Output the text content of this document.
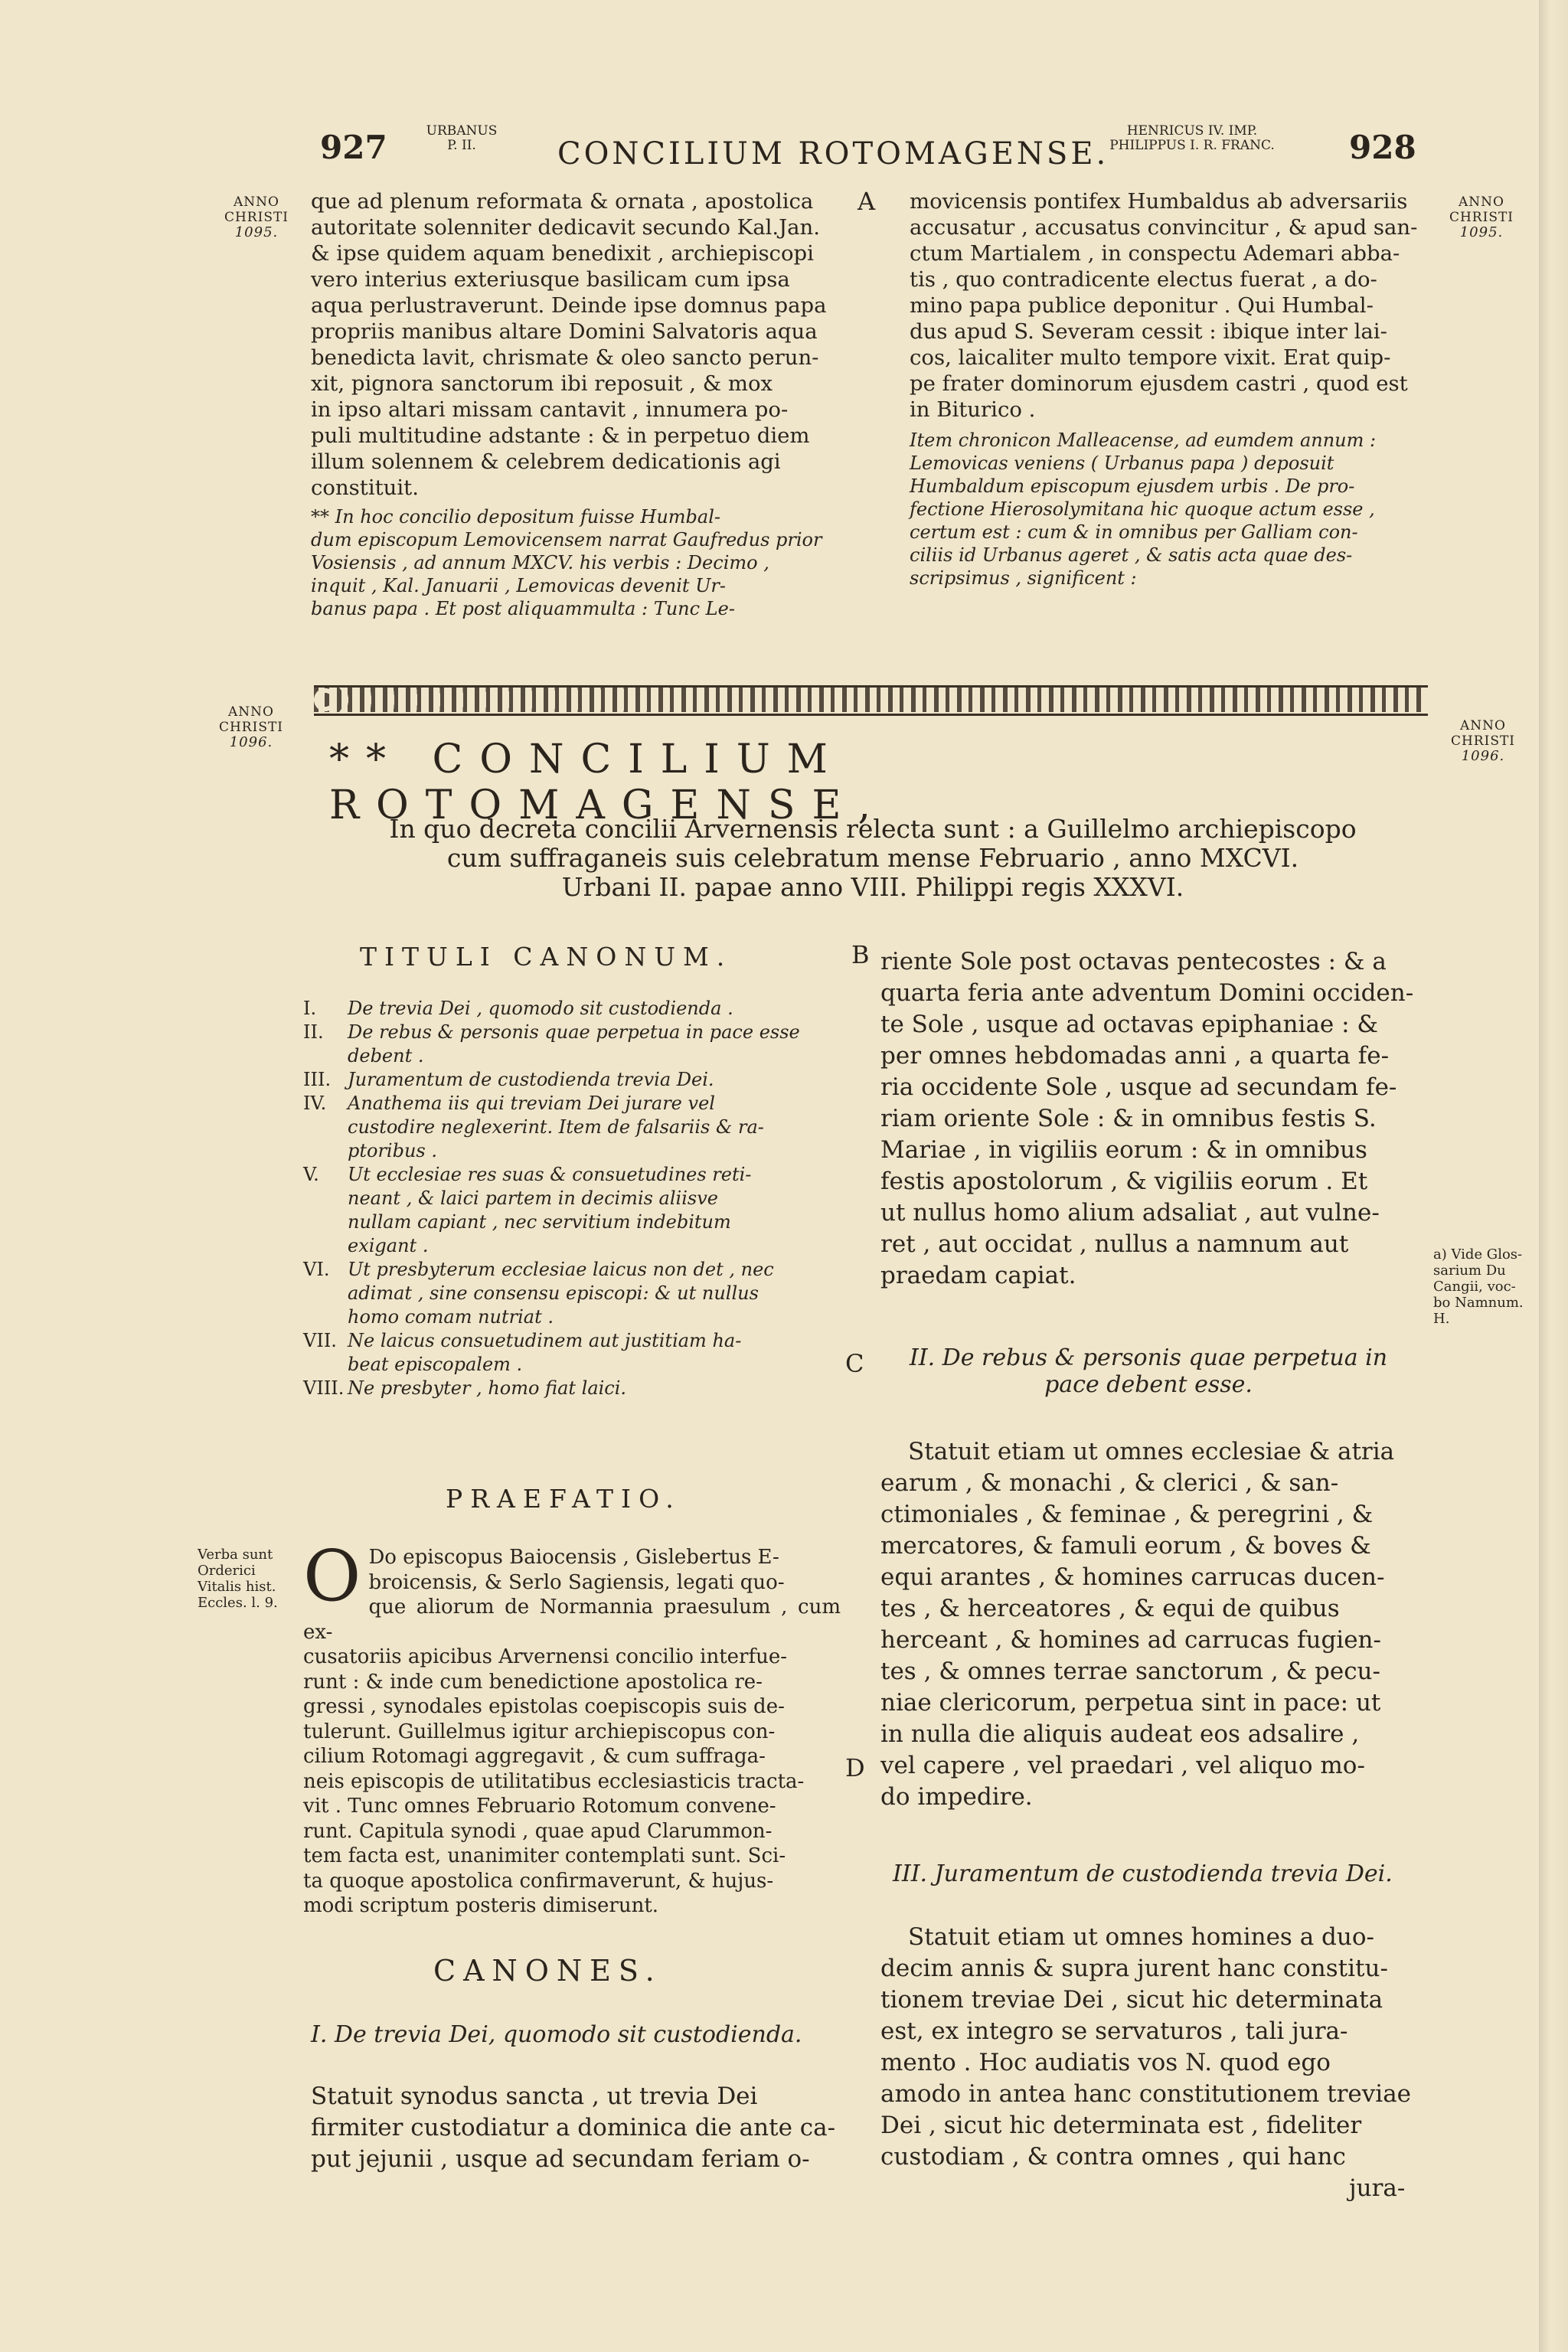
927	URBANUS
P. II.	CONCILIUM ROTOMAGENSE.
HENRICUS IV. IMP.
PHILIPPUS I. R. FRANC.	928
ANNO
CHRISTI
1095.
ANNO
CHRISTI
1095.
ANNO
CHRISTI
1096.
ANNO
CHRISTI
1096.

que ad plenum reformata & ornata , apostolica

autoritate solenniter dedicavit secundo Kal.Jan.

& ipse quidem aquam benedixit , archiepiscopi

vero interius exteriusque basilicam cum ipsa

aqua perlustraverunt. Deinde ipse domnus papa

propriis manibus altare Domini Salvatoris aqua

benedicta lavit, chrismate & oleo sancto perun-

xit, pignora sanctorum ibi reposuit , & mox

in ipso altari missam cantavit , innumera po-

puli multitudine adstante : & in perpetuo diem

illum solennem & celebrem dedicationis agi

constituit.

** In hoc concilio depositum fuisse Humbal-

dum episcopum Lemovicensem narrat Gaufredus prior

Vosiensis , ad annum MXCV. his verbis : Decimo ,

inquit , Kal. Januarii , Lemovicas devenit Ur-

banus papa . Et post aliquammulta : Tunc Le-

A movicensis pontifex Humbaldus ab adversariis

accusatur , accusatus convincitur , & apud san-

ctum Martialem , in conspectu Ademari abba-

tis , quo contradicente electus fuerat , a do-

mino papa publice deponitur . Qui Humbal-

dus apud S. Severam cessit : ibique inter lai-

cos, laicaliter multo tempore vixit. Erat quip-

pe frater dominorum ejusdem castri , quod est

in Biturico .

Item chronicon Malleacense, ad eumdem annum :

Lemovicas veniens ( Urbanus papa ) deposuit

Humbaldum episcopum ejusdem urbis . De pro-

fectione Hierosolymitana hic quoque actum esse ,

certum est : cum & in omnibus per Galliam con-

ciliis id Urbanus ageret , & satis acta quae des-

scripsimus , significent :

** CONCILIUM ROTOMAGENSE,
In quo decreta concilii Arvernensis relecta sunt : a Guillelmo archiepiscopo
cum suffraganeis suis celebratum mense Februario , anno MXCVI.
Urbani II. papae anno VIII. Philippi regis XXXVI.
TITULI CANONUM.
I.	De trevia Dei , quomodo sit custodienda .
II.	De rebus & personis quae perpetua in pace esse
debent .
III. Juramentum de custodienda trevia Dei.
IV.	Anathema iis qui treviam Dei jurare vel
custodire neglexerint. Item de falsariis & ra-
ptoribus .
V.	Ut ecclesiae res suas & consuetudines reti-
neant , & laici partem in decimis aliisve
nullam capiant , nec servitium indebitum
exigant .
VI. Ut presbyterum ecclesiae laicus non det , nec
adimat , sine consensu episcopi: & ut nullus
homo comam nutriat .
VII. Ne laicus consuetudinem aut justitiam ha-
beat episcopalem .
VIII. Ne presbyter , homo fiat laici.
PRAEFATIO.
Verba sunt
Orderici
Vitalis hist.
Eccles. l. 9. O Do episcopus Baiocensis , Gislebertus E-
broicensis, & Serlo Sagiensis, legati quo-
que aliorum de Normannia praesulum , cum ex-
cusatoriis apicibus Arvernensi concilio interfue-
runt : & inde cum benedictione apostolica re-
gressi , synodales epistolas coepiscopis suis de-
tulerunt. Guillelmus igitur archiepiscopus con-
cilium Rotomagi aggregavit , & cum suffraga-
neis episcopis de utilitatibus ecclesiasticis tracta-
vit . Tunc omnes Februario Rotomum convene-
runt. Capitula synodi , quae apud Clarummon-
tem facta est, unanimiter contemplati sunt. Sci-
ta quoque apostolica confirmaverunt, & hujus-
modi scriptum posteris dimiserunt.
CANONES.
I. De trevia Dei, quomodo sit custodienda.
Statuit synodus sancta , ut trevia Dei
firmiter custodiatur a dominica die ante ca-
put jejunii , usque ad secundam feriam o-
B
C
D
riente Sole post octavas pentecostes : & a
quarta feria ante adventum Domini occiden-
te Sole , usque ad octavas epiphaniae : &
per omnes hebdomadas anni , a quarta fe-
ria occidente Sole , usque ad secundam fe-
riam oriente Sole : & in omnibus festis S.
Mariae , in vigiliis eorum : & in omnibus
festis apostolorum , & vigiliis eorum . Et
ut nullus homo alium adsaliat , aut vulne-
ret , aut occidat , nullus a namnum aut
praedam capiat.
a) Vide Glos-
sarium Du
Cangii, voc-
bo Namnum.
H.
II. De rebus & personis quae perpetua in
pace debent esse.
Statuit etiam ut omnes ecclesiae & atria
earum , & monachi , & clerici , & san-
ctimoniales , & feminae , & peregrini , &
mercatores, & famuli eorum , & boves &
equi arantes , & homines carrucas ducen-
tes , & herceatores , & equi de quibus
herceant , & homines ad carrucas fugien-
tes , & omnes terrae sanctorum , & pecu-
niae clericorum, perpetua sint in pace: ut
in nulla die aliquis audeat eos adsalire ,
vel capere , vel praedari , vel aliquo mo-
do impedire.
III. Juramentum de custodienda trevia Dei.
Statuit etiam ut omnes homines a duo-
decim annis & supra jurent hanc constitu-
tionem treviae Dei , sicut hic determinata
est, ex integro se servaturos , tali jura-
mento . Hoc audiatis vos N. quod ego
amodo in antea hanc constitutionem treviae
Dei , sicut hic determinata est , fideliter
custodiam , & contra omnes , qui hanc
jura-
